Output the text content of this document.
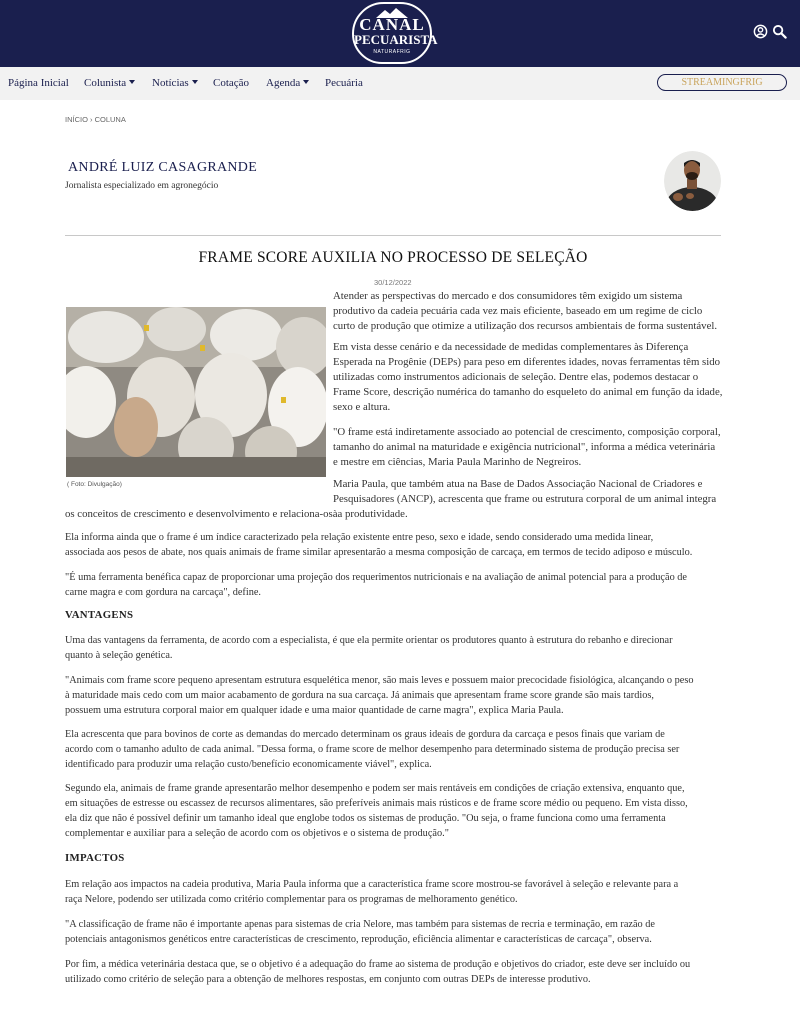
CANAL
PECUARISTA
NATURAFRIG
Página Inicial Colunista	Notícias	Cotação Agenda	Pecuária	STREAMINGFRIG
INÍCIO › COLUNA
ANDRÉ LUIZ CASAGRANDE
Jornalista especializado em agronegócio
FRAME SCORE AUXILIA NO PROCESSO DE SELEÇÃO
30/12/2022
( Foto: Divulgação)
Atender as perspectivas do mercado e dos consumidores têm exigido um sistema
produtivo da cadeia pecuária cada vez mais eficiente, baseado em um regime de ciclo
curto de produção que otimize a utilização dos recursos ambientais de forma sustentável.
Em vista desse cenário e da necessidade de medidas complementares às Diferença
Esperada na Progênie (DEPs) para peso em diferentes idades, novas ferramentas têm sido
utilizadas como instrumentos adicionais de seleção. Dentre elas, podemos destacar o
Frame Score, descrição numérica do tamanho do esqueleto do animal em função da idade,
sexo e altura.
"O frame está indiretamente associado ao potencial de crescimento, composição corporal,
tamanho do animal na maturidade e exigência nutricional", informa a médica veterinária
e mestre em ciências, Maria Paula Marinho de Negreiros.
Maria Paula, que também atua na Base de Dados Associação Nacional de Criadores e
Pesquisadores (ANCP), acrescenta que frame ou estrutura corporal de um animal integra
os conceitos de crescimento e desenvolvimento e relaciona-osàa produtividade.
Ela informa ainda que o frame é um índice caracterizado pela relação existente entre peso, sexo e idade, sendo considerado uma medida linear,
associada aos pesos de abate, nos quais animais de frame similar apresentarão a mesma composição de carcaça, em termos de tecido adiposo e músculo.
"É uma ferramenta benéfica capaz de proporcionar uma projeção dos requerimentos nutricionais e na avaliação de animal potencial para a produção de
carne magra e com gordura na carcaça", define.
VANTAGENS
Uma das vantagens da ferramenta, de acordo com a especialista, é que ela permite orientar os produtores quanto à estrutura do rebanho e direcionar
quanto à seleção genética.
"Animais com frame score pequeno apresentam estrutura esquelética menor, são mais leves e possuem maior precocidade fisiológica, alcançando o peso
à maturidade mais cedo com um maior acabamento de gordura na sua carcaça. Já animais que apresentam frame score grande são mais tardios,
possuem uma estrutura corporal maior em qualquer idade e uma maior quantidade de carne magra", explica Maria Paula.
Ela acrescenta que para bovinos de corte as demandas do mercado determinam os graus ideais de gordura da carcaça e pesos finais que variam de
acordo com o tamanho adulto de cada animal. "Dessa forma, o frame score de melhor desempenho para determinado sistema de produção precisa ser
identificado para produzir uma relação custo/benefício economicamente viável", explica.
Segundo ela, animais de frame grande apresentarão melhor desempenho e podem ser mais rentáveis em condições de criação extensiva, enquanto que,
em situações de estresse ou escassez de recursos alimentares, são preferíveis animais mais rústicos e de frame score médio ou pequeno. Em vista disso,
ela diz que não é possível definir um tamanho ideal que englobe todos os sistemas de produção. "Ou seja, o frame funciona como uma ferramenta
complementar e auxiliar para a seleção de acordo com os objetivos e o sistema de produção."
IMPACTOS
Em relação aos impactos na cadeia produtiva, Maria Paula informa que a característica frame score mostrou-se favorável à seleção e relevante para a
raça Nelore, podendo ser utilizada como critério complementar para os programas de melhoramento genético.
"A classificação de frame não é importante apenas para sistemas de cria Nelore, mas também para sistemas de recria e terminação, em razão de
potenciais antagonismos genéticos entre características de crescimento, reprodução, eficiência alimentar e características de carcaça", observa.
Por fim, a médica veterinária destaca que, se o objetivo é a adequação do frame ao sistema de produção e objetivos do criador, este deve ser incluído ou
utilizado como critério de seleção para a obtenção de melhores respostas, em conjunto com outras DEPs de interesse produtivo.
